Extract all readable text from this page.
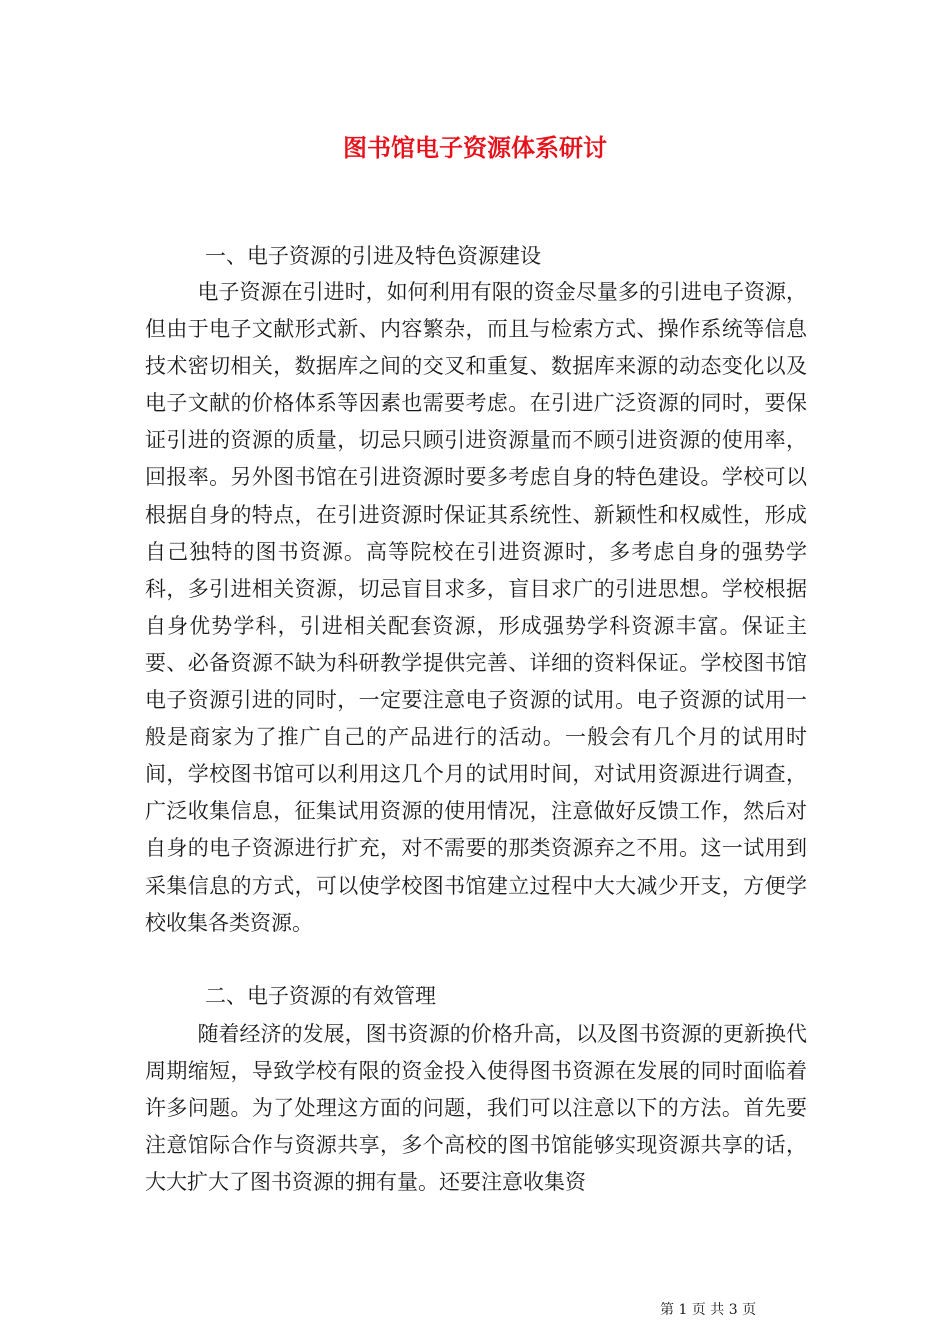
图书馆电子资源体系研讨
一、电子资源的引进及特色资源建设
电子资源在引进时，如何利用有限的资金尽量多的引进电子资源，但由于电子文献形式新、内容繁杂，而且与检索方式、操作系统等信息技术密切相关，数据库之间的交叉和重复、数据库来源的动态变化以及电子文献的价格体系等因素也需要考虑。在引进广泛资源的同时，要保证引进的资源的质量，切忌只顾引进资源量而不顾引进资源的使用率，回报率。另外图书馆在引进资源时要多考虑自身的特色建设。学校可以根据自身的特点，在引进资源时保证其系统性、新颖性和权威性，形成自己独特的图书资源。高等院校在引进资源时，多考虑自身的强势学科，多引进相关资源，切忌盲目求多，盲目求广的引进思想。学校根据自身优势学科，引进相关配套资源，形成强势学科资源丰富。保证主要、必备资源不缺为科研教学提供完善、详细的资料保证。学校图书馆电子资源引进的同时，一定要注意电子资源的试用。电子资源的试用一般是商家为了推广自己的产品进行的活动。一般会有几个月的试用时间，学校图书馆可以利用这几个月的试用时间，对试用资源进行调查，广泛收集信息，征集试用资源的使用情况，注意做好反馈工作，然后对自身的电子资源进行扩充，对不需要的那类资源弃之不用。这一试用到采集信息的方式，可以使学校图书馆建立过程中大大减少开支，方便学校收集各类资源。
二、电子资源的有效管理
随着经济的发展，图书资源的价格升高，以及图书资源的更新换代周期缩短，导致学校有限的资金投入使得图书资源在发展的同时面临着许多问题。为了处理这方面的问题，我们可以注意以下的方法。首先要注意馆际合作与资源共享，多个高校的图书馆能够实现资源共享的话，大大扩大了图书资源的拥有量。还要注意收集资
第 1 页 共 3 页
